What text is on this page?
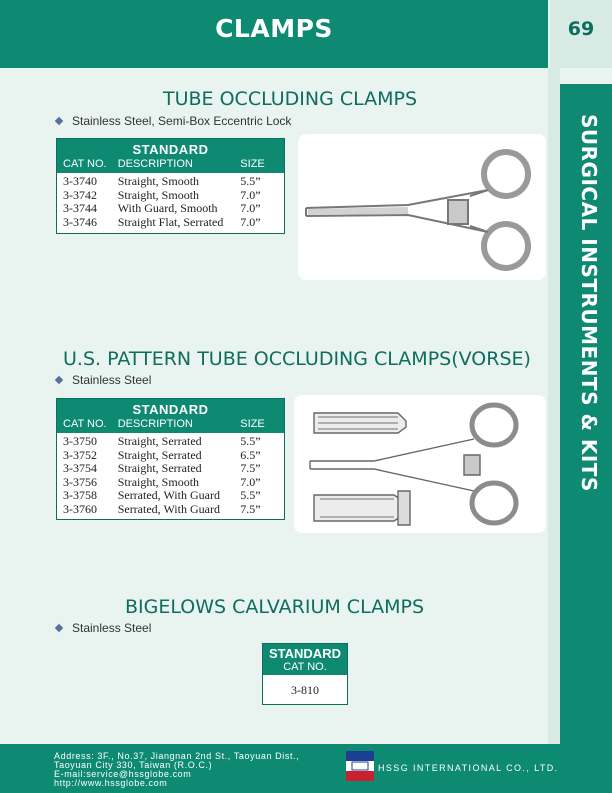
CLAMPS	69
SURGICAL INSTRUMENTS & KITS
TUBE OCCLUDING CLAMPS
Stainless Steel, Semi-Box Eccentric Lock
STANDARD
CAT NO.	DESCRIPTION	SIZE
3-3740	Straight, Smooth	5.5”
3-3742	Straight, Smooth	7.0”
3-3744	With Guard, Smooth	7.0”
3-3746	Straight Flat, Serrated	7.0”
U.S. PATTERN TUBE OCCLUDING CLAMPS(VORSE)
Stainless Steel
STANDARD
CAT NO.	DESCRIPTION	SIZE
3-3750	Straight, Serrated	5.5”
3-3752	Straight, Serrated	6.5”
3-3754	Straight, Serrated	7.5”
3-3756	Straight, Smooth	7.0”
3-3758	Serrated, With Guard	5.5”
3-3760	Serrated, With Guard	7.5”
BIGELOWS CALVARIUM CLAMPS
Stainless Steel
STANDARD
CAT NO.
3-810
Address: 3F., No.37, Jiangnan 2nd St., Taoyuan Dist.,
Taoyuan City 330, Taiwan (R.O.C.)
E-mail:service@hssglobe.com
http://www.hssglobe.com
HSSG INTERNATIONAL CO., LTD.
